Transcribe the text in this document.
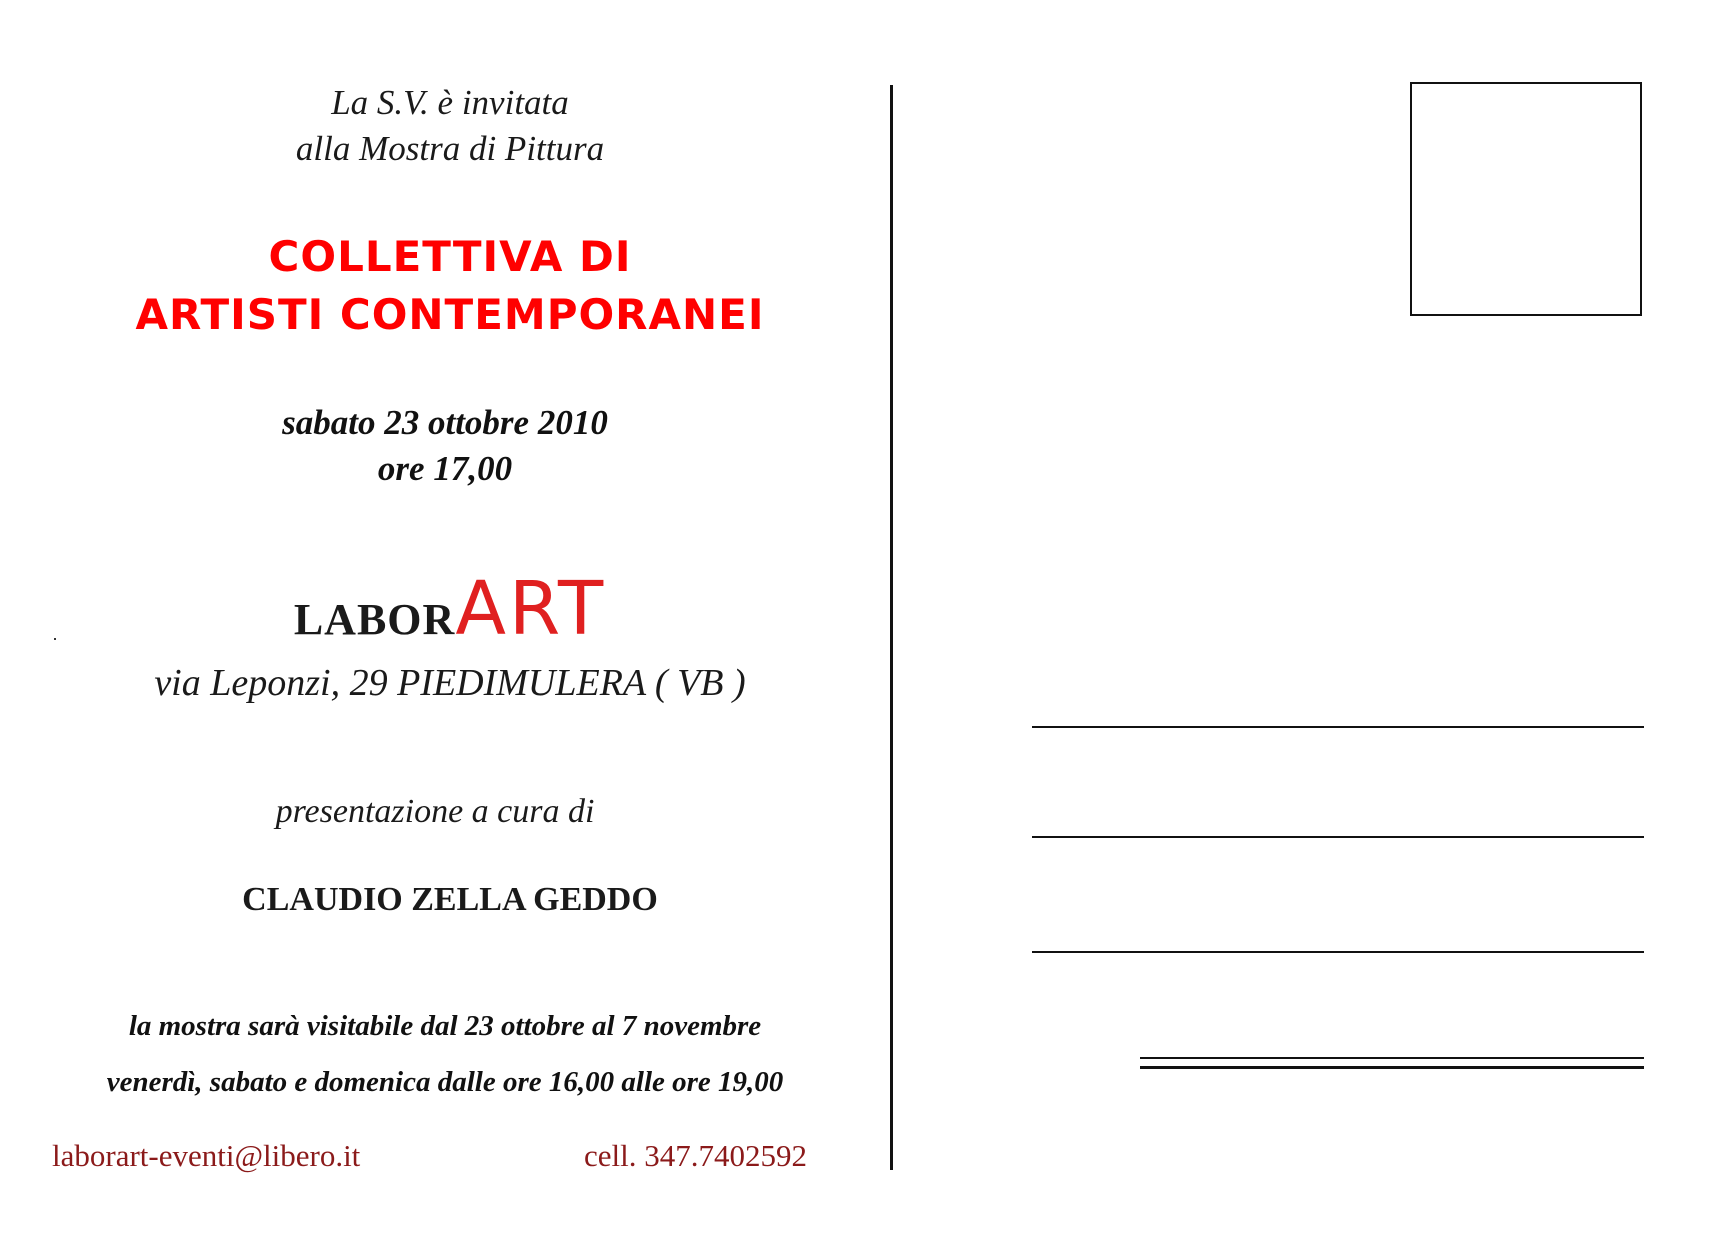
La S.V. è invitata
alla Mostra di Pittura
COLLETTIVA DI
ARTISTI CONTEMPORANEI
sabato 23 ottobre 2010
ore 17,00
LABORART
via Leponzi, 29 PIEDIMULERA ( VB )
presentazione a cura di
CLAUDIO ZELLA GEDDO
la mostra sarà visitabile dal 23 ottobre al 7 novembre
venerdì, sabato e domenica dalle ore 16,00 alle ore 19,00
laborart-eventi@libero.it	cell. 347.7402592
